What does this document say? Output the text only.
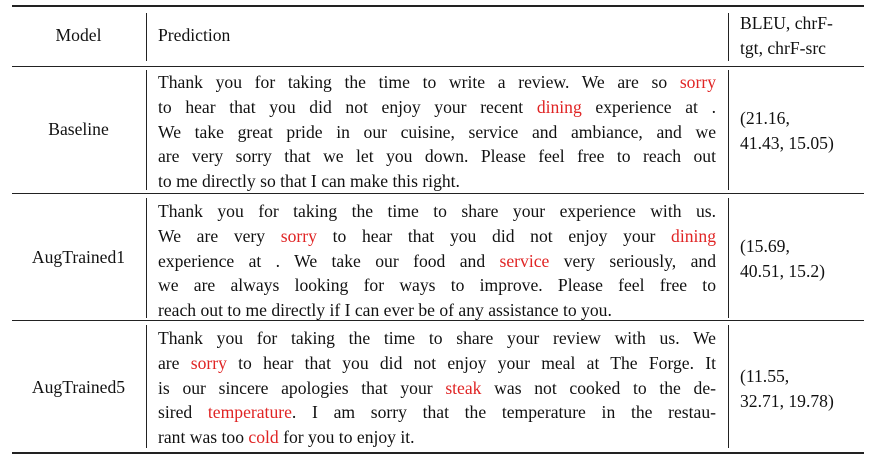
Model	Prediction
BLEU, chrF-
tgt, chrF-src
Baseline
Thank you for taking the time to write a review. We are so sorry
to hear that you did not enjoy your recent dining experience at .
We take great pride in our cuisine, service and ambiance, and we
are very sorry that we let you down. Please feel free to reach out
to me directly so that I can make this right.
(21.16,
41.43, 15.05)
AugTrained1
Thank you for taking the time to share your experience with us.
We are very sorry to hear that you did not enjoy your dining
experience at . We take our food and service very seriously, and
we are always looking for ways to improve. Please feel free to
reach out to me directly if I can ever be of any assistance to you.
(15.69,
40.51, 15.2)
AugTrained5
Thank you for taking the time to share your review with us. We
are sorry to hear that you did not enjoy your meal at The Forge. It
is our sincere apologies that your steak was not cooked to the de-
sired temperature. I am sorry that the temperature in the restau-
rant was too cold for you to enjoy it.
(11.55,
32.71, 19.78)
